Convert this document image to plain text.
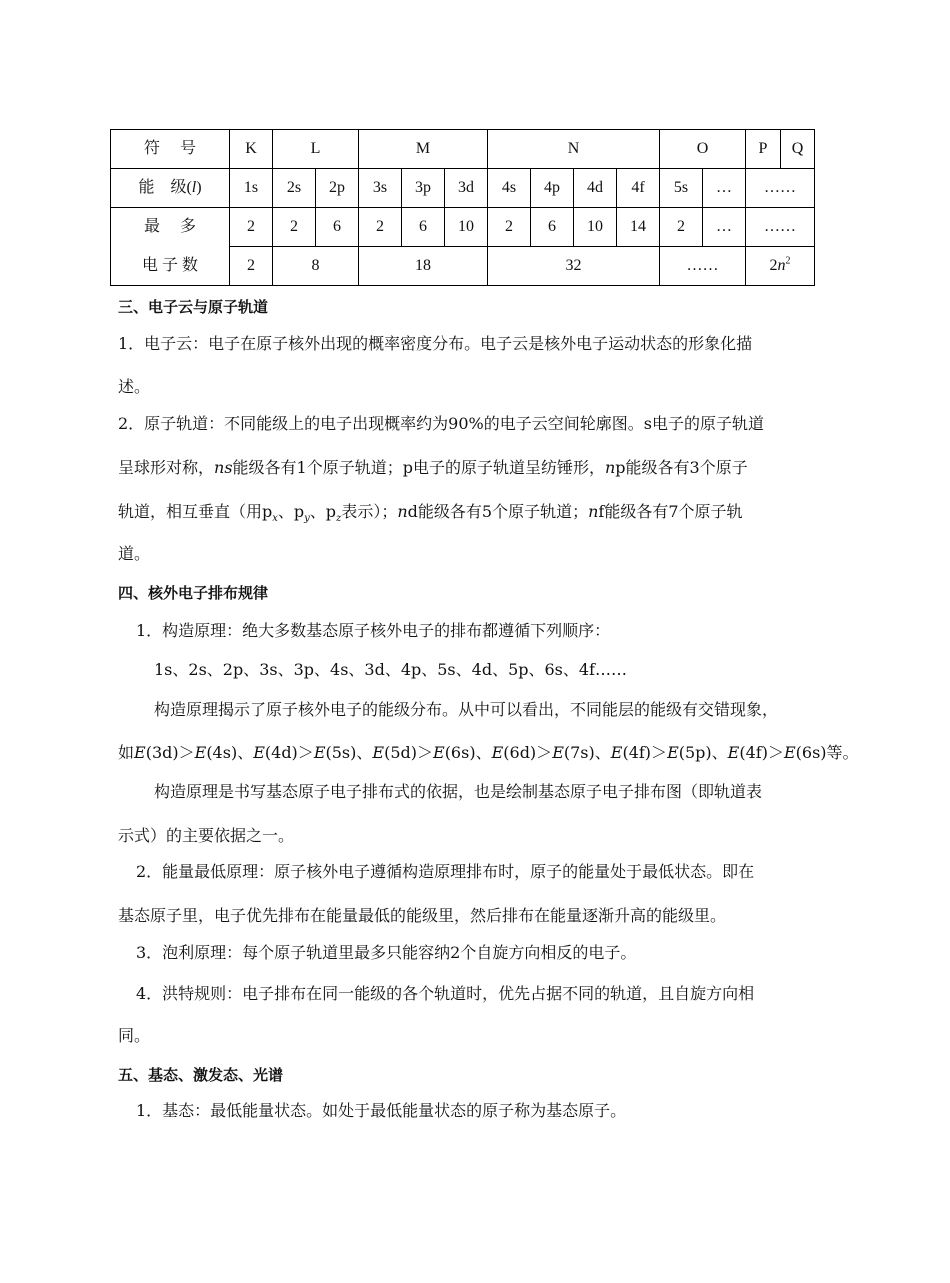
符　 号	K	L		M			N				O		P	Q
能　级(l)	1s	2s	2p	3s	3p	3d	4s	4p	4d	4f	5s	…	……	
最　 多	2	2	6	2	6	10	2	6	10	14	2	…	……	
电 子 数	2	8		18			32				……		$2n^2$

三、电子云与原子轨道

1．电子云：电子在原子核外出现的概率密度分布。电子云是核外电子运动状态的形象化描

述。

2．原子轨道：不同能级上的电子出现概率约为90%的电子云空间轮廓图。s电子的原子轨道

呈球形对称，ns能级各有1个原子轨道；p电子的原子轨道呈纺锤形，np能级各有3个原子

轨道，相互垂直（用$p_x$、$p_y$、$p_z$表示）；nd能级各有5个原子轨道；nf能级各有7个原子轨

道。

四、核外电子排布规律

1．构造原理：绝大多数基态原子核外电子的排布都遵循下列顺序：

1s、2s、2p、3s、3p、4s、3d、4p、5s、4d、5p、6s、4f……

构造原理揭示了原子核外电子的能级分布。从中可以看出，不同能层的能级有交错现象，

如E(3d)＞E(4s)、E(4d)＞E(5s)、E(5d)＞E(6s)、E(6d)＞E(7s)、E(4f)＞E(5p)、E(4f)＞E(6s)等。

构造原理是书写基态原子电子排布式的依据，也是绘制基态原子电子排布图（即轨道表

示式）的主要依据之一。

2．能量最低原理：原子核外电子遵循构造原理排布时，原子的能量处于最低状态。即在

基态原子里，电子优先排布在能量最低的能级里，然后排布在能量逐渐升高的能级里。

3．泡利原理：每个原子轨道里最多只能容纳2个自旋方向相反的电子。

4．洪特规则：电子排布在同一能级的各个轨道时，优先占据不同的轨道，且自旋方向相

同。

五、基态、激发态、光谱

1．基态：最低能量状态。如处于最低能量状态的原子称为基态原子。
